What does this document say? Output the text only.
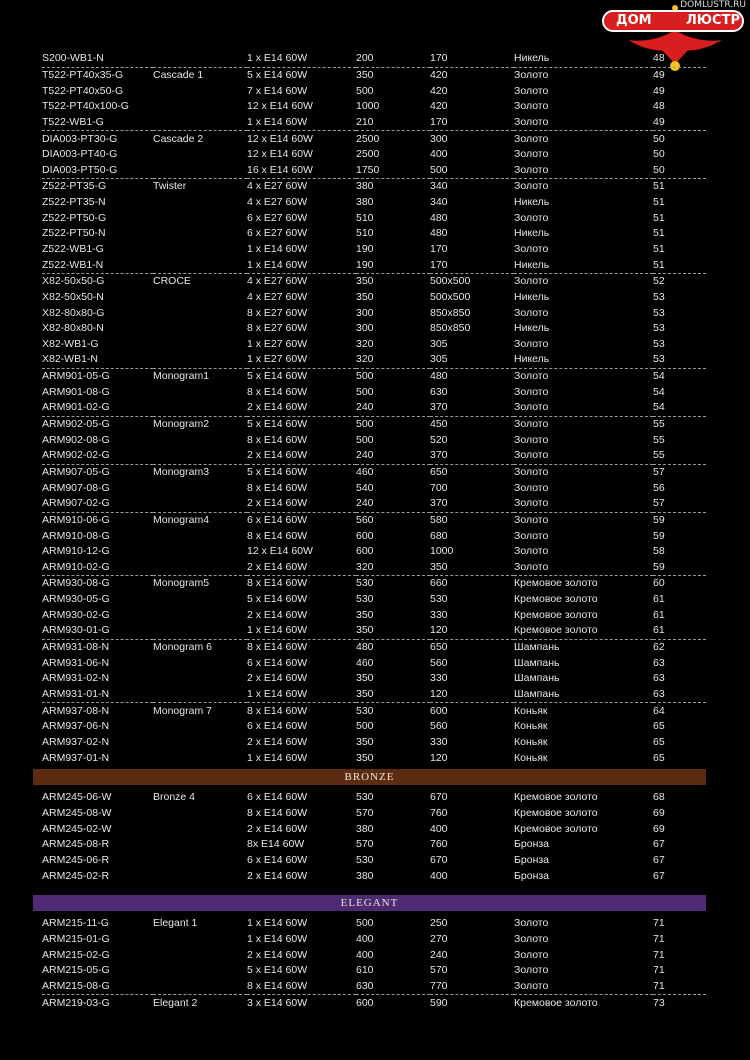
DOMLUSTR.RU
ДОМ	ЛЮСТР
S200-WB1-N		1 x E14 60W	200	170	Никель	48
T522-PT40x35-G	Cascade 1	5 x E14 60W	350	420	Золото	49
T522-PT40x50-G		7 x E14 60W	500	420	Золото	49
T522-PT40x100-G		12 x E14 60W	1000	420	Золото	48
T522-WB1-G		1 x E14 60W	210	170	Золото	49
DIA003-PT30-G	Cascade 2	12 x E14 60W	2500	300	Золото	50
DIA003-PT40-G		12 x E14 60W	2500	400	Золото	50
DIA003-PT50-G		16 x E14 60W	1750	500	Золото	50
Z522-PT35-G	Twister	4 x E27 60W	380	340	Золото	51
Z522-PT35-N		4 x E27 60W	380	340	Никель	51
Z522-PT50-G		6 x E27 60W	510	480	Золото	51
Z522-PT50-N		6 x E27 60W	510	480	Никель	51
Z522-WB1-G		1 x E14 60W	190	170	Золото	51
Z522-WB1-N		1 x E14 60W	190	170	Никель	51
X82-50x50-G	CROCE	4 x E27 60W	350	500x500	Золото	52
X82-50x50-N		4 x E27 60W	350	500x500	Никель	53
X82-80x80-G		8 x E27 60W	300	850x850	Золото	53
X82-80x80-N		8 x E27 60W	300	850x850	Никель	53
X82-WB1-G		1 x E27 60W	320	305	Золото	53
X82-WB1-N		1 x E27 60W	320	305	Никель	53
ARM901-05-G	Monogram1	5 x E14 60W	500	480	Золото	54
ARM901-08-G		8 x E14 60W	500	630	Золото	54
ARM901-02-G		2 x E14 60W	240	370	Золото	54
ARM902-05-G	Monogram2	5 x E14 60W	500	450	Золото	55
ARM902-08-G		8 x E14 60W	500	520	Золото	55
ARM902-02-G		2 x E14 60W	240	370	Золото	55
ARM907-05-G	Monogram3	5 x E14 60W	460	650	Золото	57
ARM907-08-G		8 x E14 60W	540	700	Золото	56
ARM907-02-G		2 x E14 60W	240	370	Золото	57
ARM910-06-G	Monogram4	6 x E14 60W	560	580	Золото	59
ARM910-08-G		8 x E14 60W	600	680	Золото	59
ARM910-12-G		12 x E14 60W	600	1000	Золото	58
ARM910-02-G		2 x E14 60W	320	350	Золото	59
ARM930-08-G	Monogram5	8 x E14 60W	530	660	Кремовое золото	60
ARM930-05-G		5 x E14 60W	530	530	Кремовое золото	61
ARM930-02-G		2 x E14 60W	350	330	Кремовое золото	61
ARM930-01-G		1 x E14 60W	350	120	Кремовое золото	61
ARM931-08-N	Monogram 6	8 x E14 60W	480	650	Шампань	62
ARM931-06-N		6 x E14 60W	460	560	Шампань	63
ARM931-02-N		2 x E14 60W	350	330	Шампань	63
ARM931-01-N		1 x E14 60W	350	120	Шампань	63
ARM937-08-N	Monogram 7	8 x E14 60W	530	600	Коньяк	64
ARM937-06-N		6 x E14 60W	500	560	Коньяк	65
ARM937-02-N		2 x E14 60W	350	330	Коньяк	65
ARM937-01-N		1 x E14 60W	350	120	Коньяк	65
BRONZE
ARM245-06-W	Bronze 4	6 x E14 60W	530	670	Кремовое золото	68
ARM245-08-W		8 x E14 60W	570	760	Кремовое золото	69
ARM245-02-W		2 x E14 60W	380	400	Кремовое золото	69
ARM245-08-R		8x E14 60W	570	760	Бронза	67
ARM245-06-R		6 x E14 60W	530	670	Бронза	67
ARM245-02-R		2 x E14 60W	380	400	Бронза	67
ELEGANT
ARM215-11-G	Elegant 1	1 x E14 60W	500	250	Золото	71
ARM215-01-G		1 x E14 60W	400	270	Золото	71
ARM215-02-G		2 x E14 60W	400	240	Золото	71
ARM215-05-G		5 x E14 60W	610	570	Золото	71
ARM215-08-G		8 x E14 60W	630	770	Золото	71
ARM219-03-G	Elegant 2	3 x E14 60W	600	590	Кремовое золото	73
